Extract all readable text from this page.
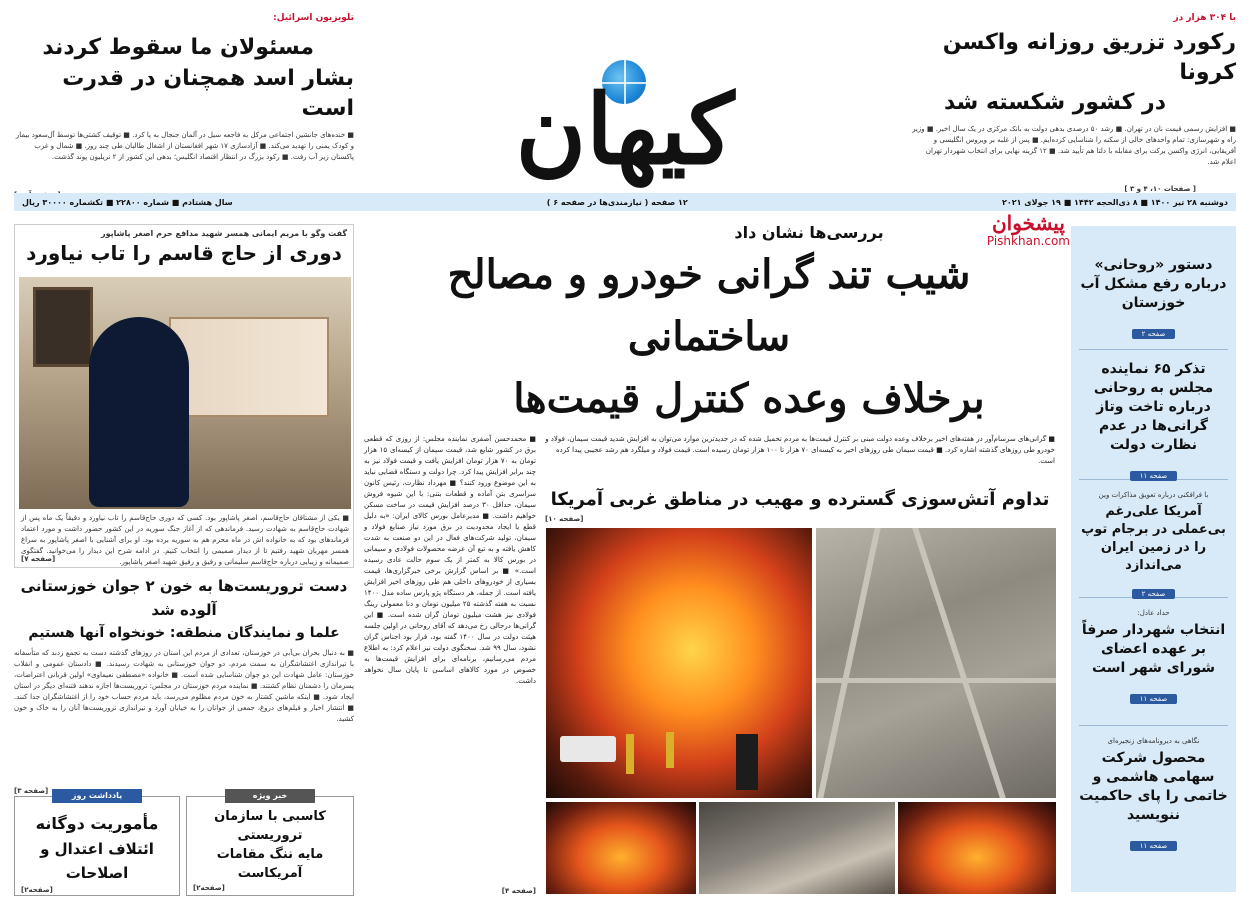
با ۳۰۴ هزار دز
رکورد تزریق روزانه واکسن کرونا
در کشور شکسته شد
■ افزایش رسمی قیمت نان در تهران. ■ رشد ۵۰ درصدی بدهی دولت به بانک مرکزی در یک سال اخیر. ■ وزیر راه و شهرسازی: تمام واحدهای خالی از سکنه را شناسایی کرده‌ایم. ■ پس از غلبه بر ویروس انگلیسی و آفریقایی، انرژی واکسن برکت برای مقابله با دلتا هم تأیید شد. ■ ۱۲ گزینه نهایی برای انتخاب شهردار تهران اعلام شد.
[ صفحات ۱۰، ۴ و ۳ ]
کیهان
تلویزیون اسرائیل:
مسئولان ما سقوط کردند
بشار اسد همچنان در قدرت است
■ خنده‌های جانشین اجتماعی مرکل به فاجعه سیل در آلمان جنجال به پا کرد. ■ توقیف کشتی‌ها توسط آل‌سعود بیمار و کودک یمنی را تهدید می‌کند. ■ آزادسازی ۱۷ شهر افغانستان از اشغال طالبان طی چند روز. ■ شمال و غرب پاکستان زیر آب رفت. ■ رکود بزرگ در انتظار اقتصاد انگلیس؛ بدهی این کشور از ۲ تریلیون پوند گذشت.
دوشنبه ۲۸ تیر ۱۴۰۰ ■ ۸ ذی‌الحجه ۱۴۴۲ ■ ۱۹ جولای ۲۰۲۱
۱۲ صفحه ( نیازمندی‌ها در صفحه ۶ )
سال هشتادم ■ شماره ۲۲۸۰۰ ■ تکشماره ۳۰۰۰۰ ریال
پیشخوان
Pishkhan.com
دستور «روحانی» درباره رفع مشکل آب خوزستان
صفحه ۲
تذکر ۶۵ نماینده مجلس به روحانی درباره تاخت وتاز گرانی‌ها در عدم نظارت دولت
صفحه ۱۱
با فرافکنی درباره تعویق مذاکرات وین
آمریکا علی‌رغم بی‌عملی در برجام توپ را در زمین ایران می‌اندازد
صفحه ۲
حداد عادل:
انتخاب شهردار صرفاً بر عهده اعضای شورای شهر است
صفحه ۱۱
نگاهی به دیرونامه‌های زنجیره‌ای
محصول شرکت سهامی هاشمی و خاتمی را پای حاکمیت ننویسید
صفحه ۱۱
بررسی‌ها نشان داد
شیب تند گرانی خودرو و مصالح ساختمانی
برخلاف وعده کنترل قیمت‌ها
■ گرانی‌های سرسام‌آور در هفته‌های اخیر برخلاف وعده دولت مبنی بر کنترل قیمت‌ها به مردم تحمیل شده که در جدیدترین موارد می‌توان به افزایش شدید قیمت سیمان، فولاد و خودرو طی روزهای گذشته اشاره کرد. ■ قیمت سیمان طی روزهای اخیر به کیسه‌ای ۷۰ هزار تا ۱۰۰ هزار تومان رسیده است. قیمت فولاد و میلگرد هم رشد عجیبی پیدا کرده است.
■ محمدحسن آصفری نماینده مجلس: از روزی که قطعی برق در کشور شایع شد، قیمت سیمان از کیسه‌ای ۱۵ هزار تومان به ۷۰ هزار تومان افزایش یافت و قیمت فولاد نیز به چند برابر افزایش پیدا کرد. چرا دولت و دستگاه قضایی نباید به این موضوع ورود کنند؟ ■ مهرداد نظارت، رئیس کانون سراسری بتن آماده و قطعات بتنی: با این شیوه فروش سیمان، حداقل ۳۰ درصد افزایش قیمت در ساخت مسکن خواهیم داشت. ■ مدیرعامل بورس کالای ایران: «به دلیل قطع یا ایجاد محدودیت در برق مورد نیاز صنایع فولاد و سیمان، تولید شرکت‌های فعال در این دو صنعت به شدت کاهش یافته و به تبع آن عرضه محصولات فولادی و سیمانی در بورس کالا به کمتر از یک سوم حالت عادی رسیده است.» ■ بر اساس گزارش برخی خبرگزاری‌ها، قیمت بسیاری از خودروهای داخلی هم طی روزهای اخیر افزایش یافته است. از جمله، هر دستگاه پژو پارس ساده مدل ۱۴۰۰ نسبت به هفته گذشته ۲۵ میلیون تومان و دنا معمولی رینگ فولادی نیز هشت میلیون تومان گران شده است. ■ این گرانی‌ها درحالی رخ می‌دهد که آقای روحانی در اولین جلسه هیئت دولت در سال ۱۴۰۰ گفته بود، قرار بود اجناس گران نشود، سال ۹۹ شد. سخنگوی دولت نیز اعلام کرد: به اطلاع مردم می‌رسانیم، برنامه‌ای برای افزایش قیمت‌ها به خصوص در مورد کالاهای اساسی تا پایان سال نخواهد داشت.
[صفحه ۴]
تداوم آتش‌سوزی گسترده و مهیب در مناطق غربی آمریکا
[صفحه ۱۰]
گفت وگو با مریم ایمانی همسر شهید مدافع حرم اصغر پاشاپور
دوری از حاج قاسم را تاب نیاورد
■ یکی از مشتاقان حاج‌قاسم، اصغر پاشاپور بود. کسی که دوری حاج‌قاسم را تاب نیاورد و دقیقاً یک ماه پس از شهادت حاج‌قاسم به شهادت رسید. فرماندهی که از آغاز جنگ سوریه در این کشور حضور داشت و مورد اعتماد فرماندهای بود که به خانواده اش در ماه محرم هم به سوریه برده بود. او برای آشنایی با اصغر پاشاپور به سراغ همسر مهربان شهید رفتیم تا از دیدار صمیمی را انتخاب کنیم. در ادامه شرح این دیدار را می‌خوانید. گفتگوی صمیمانه و زیبایی درباره حاج‌قاسم سلیمانی و رفیق و رفیق شهید اصغر پاشاپور.
[صفحه ۷]
دست تروریست‌ها به خون ۲ جوان خوزستانی آلوده شد
علما و نمایندگان منطقه: خونخواه آنها هستیم
■ به دنبال بحران بی‌آبی در خوزستان، تعدادی از مردم این استان در روزهای گذشته دست به تجمع زدند که متأسفانه با تیراندازی اغتشاشگران به سمت مردم، دو جوان خوزستانی به شهادت رسیدند. ■ دادستان عمومی و انقلاب خوزستان: عامل شهادت این دو جوان شناسایی شده است. ■ خانواده «مصطفی نعیماوی» اولین قربانی اعتراضات، پسرمان را دشمنان نظام کشتند. ■ نماینده مردم خوزستان در مجلس: تروریست‌ها اجازه ندهند فتنه‌ای دیگر در استان ایجاد شود. ■ اینکه ماشین کشتار به خون مردم مظلوم می‌رسد، باید مردم حساب خود را از اغتشاشگران جدا کنند. ■ انتشار اخبار و فیلم‌های دروغ، جمعی از جوانان را به خیابان آورد و تیراندازی تروریست‌ها آنان را به خاک و خون کشید.
[صفحه ۳]	خبر ویژه
کاسبی با سازمان تروریستی
مایه ننگ مقامات
آمریکاست
[صفحه۲]
یادداشت روز
مأموریت دوگانه
ائتلاف اعتدال و اصلاحات
[صفحه۲]
